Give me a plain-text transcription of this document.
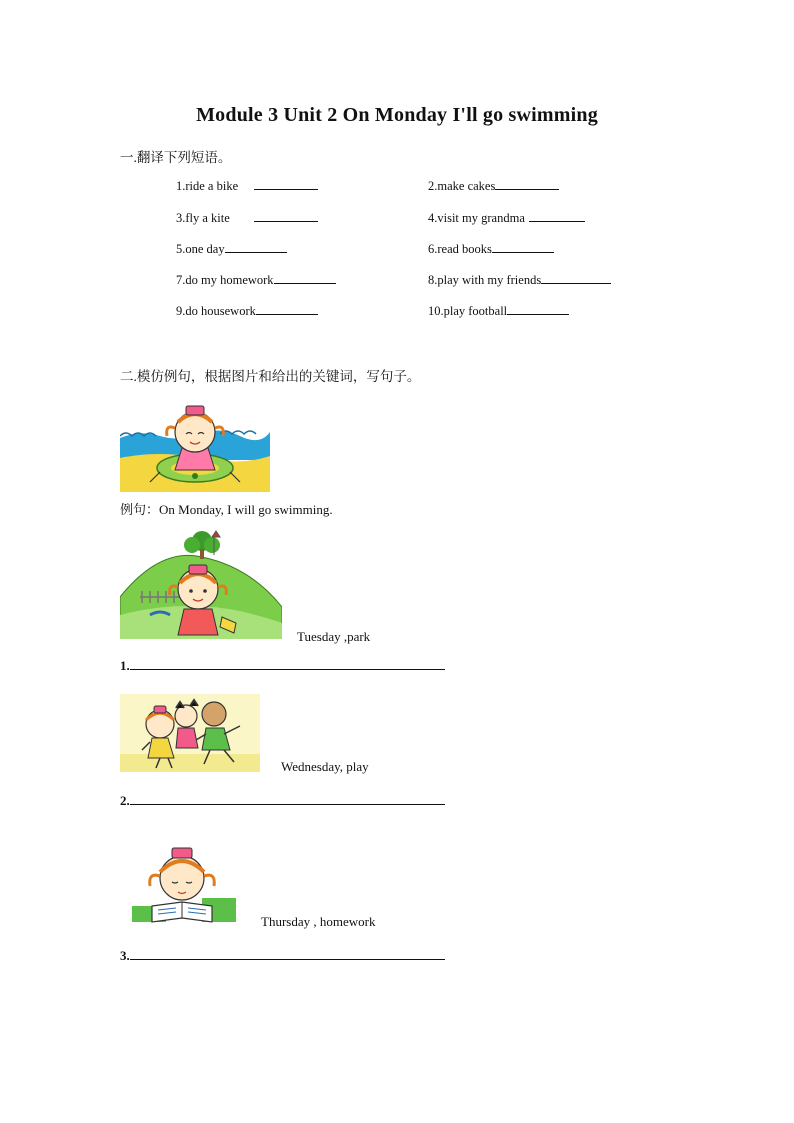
Module 3 Unit 2 On Monday I'll go swimming
一.翻译下列短语。
1.ride a bike	2.make cakes
3.fly a kite	4.visit my grandma
5.one day	6.read books
7.do my homework	8.play with my friends
9.do housework	10.play football
二.模仿例句，根据图片和给出的关键词，写句子。
例句：On Monday, I will go swimming.
Tuesday ,park
1.
Wednesday, play
2.
Thursday , homework
3.
